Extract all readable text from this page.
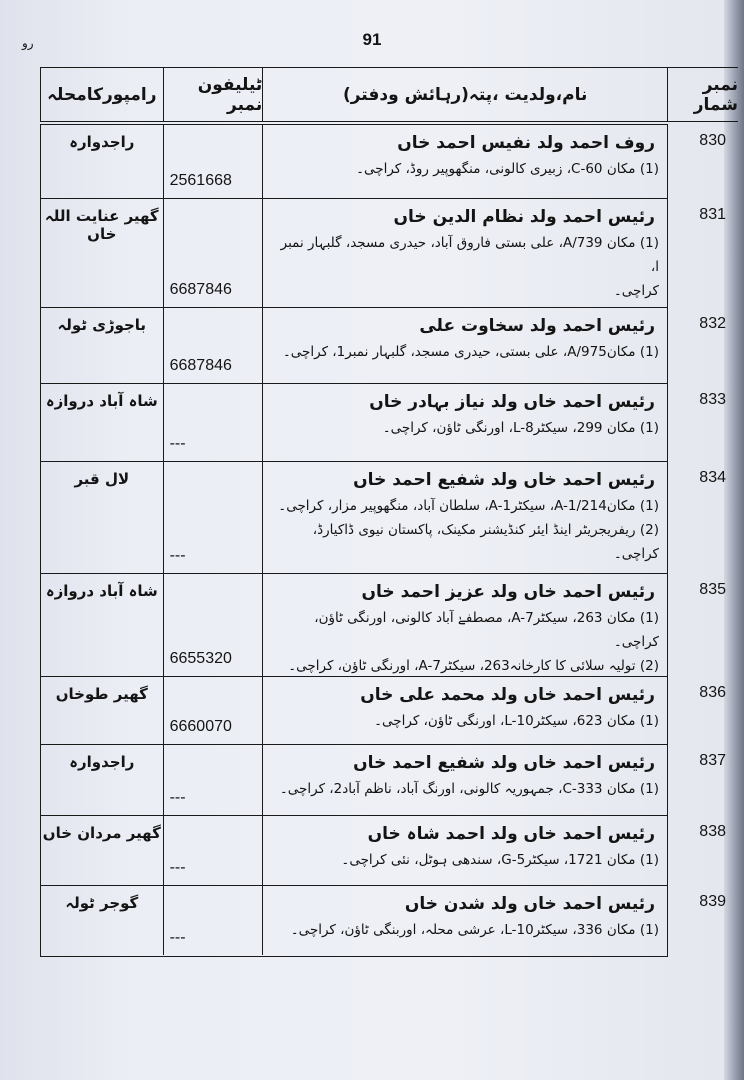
رو	91
رامپورکامحلہ
ٹیلیفون نمبر	نام،ولدیت ،پتہ(رہائش ودفتر)
نمبر شمار
راجدوارہ
2561668
روف احمد ولد نفیس احمد خاں
(1) مکان C-60، زبیری کالونی، منگھوپیر روڈ، کراچی۔
گھیر عنایت اللہ خاں
6687846
رئیس احمد ولد نظام الدین خاں
(1) مکان 739/A، علی بستی فاروق آباد، حیدری مسجد، گلبہار نمبر ا،
کراچی۔
باجوڑی ٹولہ
6687846
رئیس احمد ولد سخاوت علی
(1) مکانA/975، علی بستی، حیدری مسجد، گلبہار نمبر1، کراچی۔
شاہ آباد دروازہ
---
رئیس احمد خاں ولد نیاز بہادر خاں
(1) مکان 299، سیکٹرL-8، اورنگی ٹاؤن، کراچی۔
لال قبر
---
رئیس احمد خاں ولد شفیع احمد خاں
(1) مکان214/A-1، سیکٹرA-1، سلطان آباد، منگھوپیر مزار، کراچی۔
(2) ریفریجریٹر اینڈ ایئر کنڈیشنر مکینک، پاکستان نیوی ڈاکیارڈ، کراچی۔
شاہ آباد دروازہ
6655320
رئیس احمد خاں ولد عزیز احمد خاں
(1) مکان 263، سیکٹرA-7، مصطفےٰ آباد کالونی، اورنگی ٹاؤن، کراچی۔
(2) تولیہ سلائی کا کارخانہ263، سیکٹرA-7، اورنگی ٹاؤن، کراچی۔
گھیر طوخاں
6660070
رئیس احمد خاں ولد محمد علی خاں
(1) مکان 623، سیکٹرL-10، اورنگی ٹاؤن، کراچی۔
راجدوارہ
---
رئیس احمد خاں ولد شفیع احمد خاں
(1) مکان C-333، جمہوریہ کالونی، اورنگ آباد، ناظم آباد2، کراچی۔
گھیر مردان خاں
---
رئیس احمد خاں ولد احمد شاہ خاں
(1) مکان 1721، سیکٹرG-5، سندھی ہوٹل، نئی کراچی۔
گوجر ٹولہ
---
رئیس احمد خاں ولد شدن خاں
(1) مکان 336، سیکٹرL-10، عرشی محلہ، اوربنگی ٹاؤن، کراچی۔
830
831
832
833
834
835
836
837
838
839
